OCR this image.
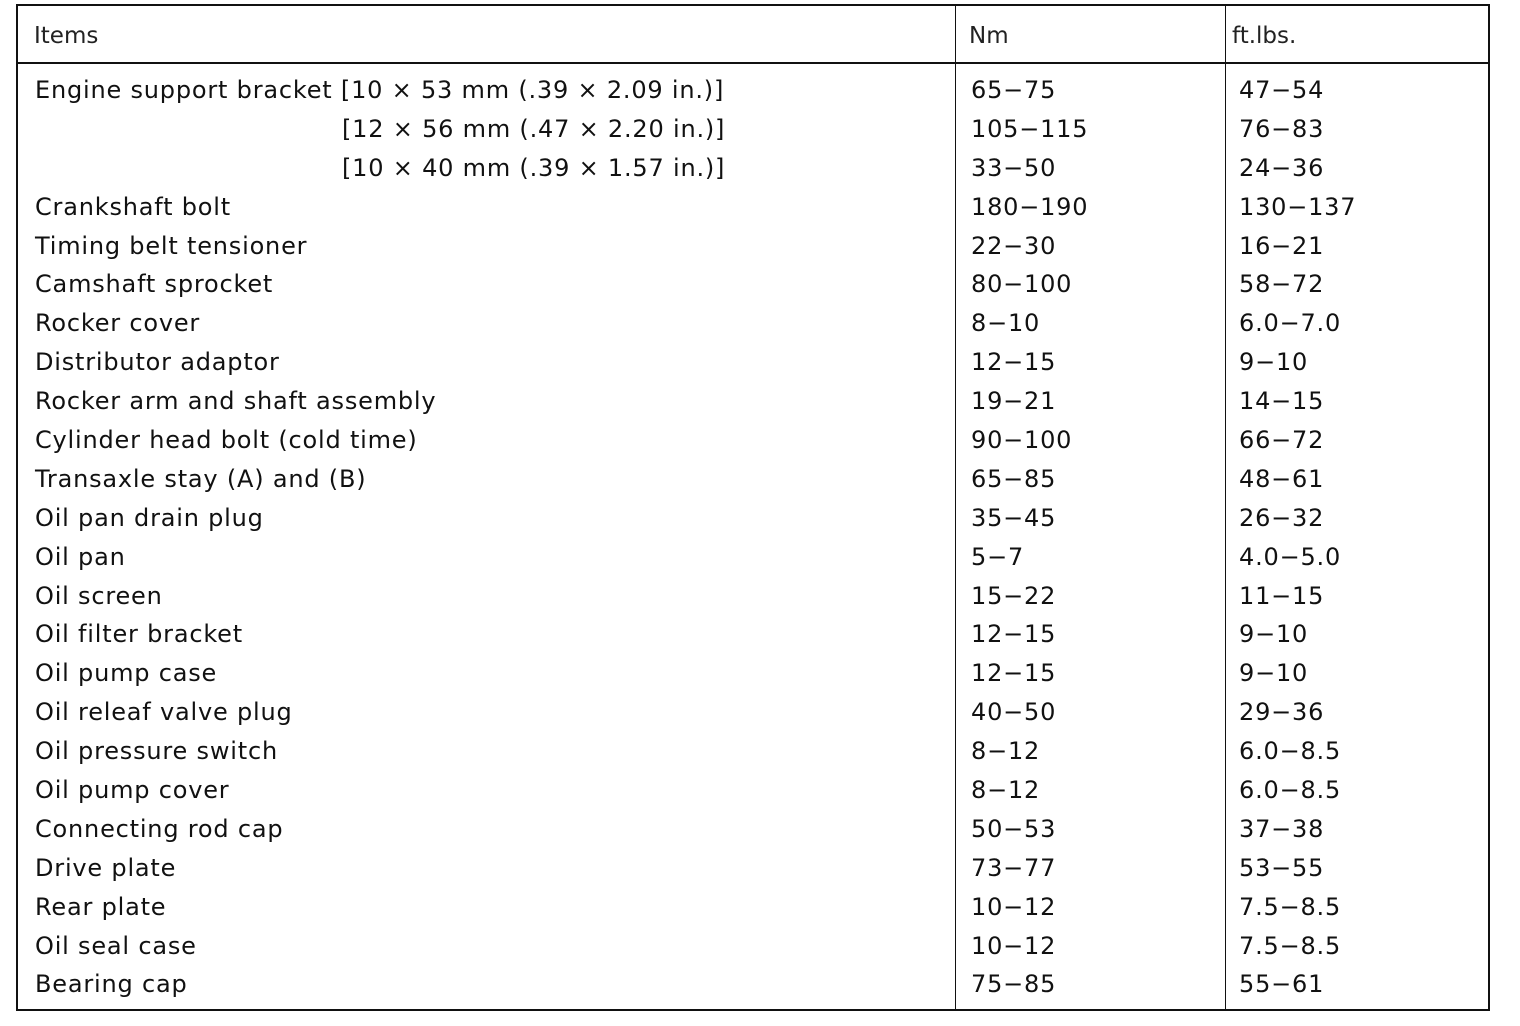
Items	Nm	ft.lbs.
Engine support bracket [10 × 53 mm (.39 × 2.09 in.)]	65−75	47−54
[12 × 56 mm (.47 × 2.20 in.)]	105−115	76−83
[10 × 40 mm (.39 × 1.57 in.)]	33−50	24−36
Crankshaft bolt	180−190	130−137
Timing belt tensioner	22−30	16−21
Camshaft sprocket	80−100	58−72
Rocker cover	8−10	6.0−7.0
Distributor adaptor	12−15	9−10
Rocker arm and shaft assembly	19−21	14−15
Cylinder head bolt (cold time)	90−100	66−72
Transaxle stay (A) and (B)	65−85	48−61
Oil pan drain plug	35−45	26−32
Oil pan	5−7	4.0−5.0
Oil screen	15−22	11−15
Oil filter bracket	12−15	9−10
Oil pump case	12−15	9−10
Oil releaf valve plug	40−50	29−36
Oil pressure switch	8−12	6.0−8.5
Oil pump cover	8−12	6.0−8.5
Connecting rod cap	50−53	37−38
Drive plate	73−77	53−55
Rear plate	10−12	7.5−8.5
Oil seal case	10−12	7.5−8.5
Bearing cap	75−85	55−61
